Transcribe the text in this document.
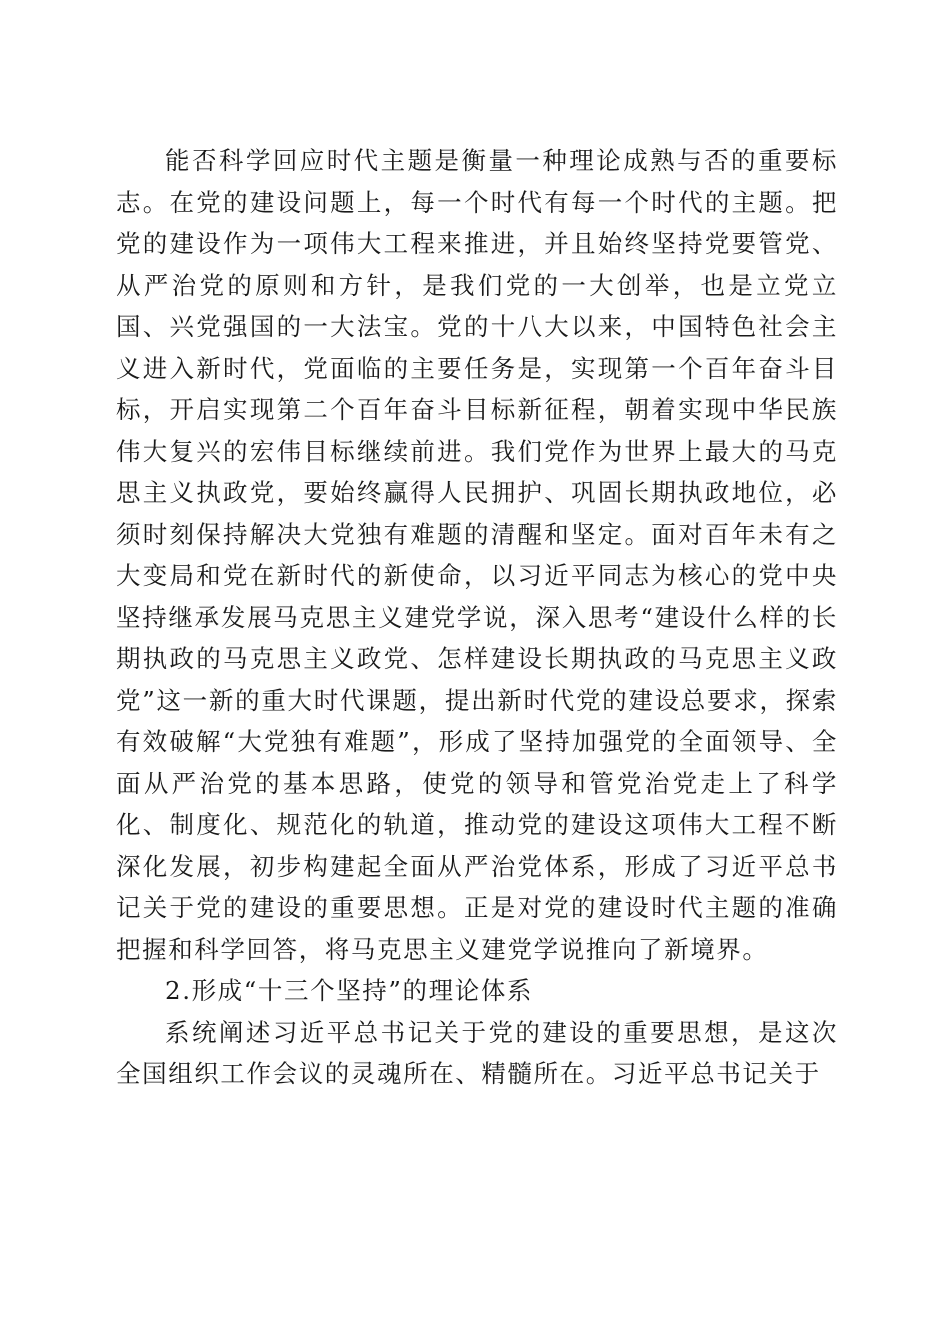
能否科学回应时代主题是衡量一种理论成熟与否的重要标志。在党的建设问题上，每一个时代有每一个时代的主题。把党的建设作为一项伟大工程来推进，并且始终坚持党要管党、从严治党的原则和方针，是我们党的一大创举，也是立党立国、兴党强国的一大法宝。党的十八大以来，中国特色社会主义进入新时代，党面临的主要任务是，实现第一个百年奋斗目标，开启实现第二个百年奋斗目标新征程，朝着实现中华民族伟大复兴的宏伟目标继续前进。我们党作为世界上最大的马克思主义执政党，要始终赢得人民拥护、巩固长期执政地位，必须时刻保持解决大党独有难题的清醒和坚定。面对百年未有之大变局和党在新时代的新使命，以习近平同志为核心的党中央坚持继承发展马克思主义建党学说，深入思考“建设什么样的长期执政的马克思主义政党、怎样建设长期执政的马克思主义政党”这一新的重大时代课题，提出新时代党的建设总要求，探索有效破解“大党独有难题”，形成了坚持加强党的全面领导、全面从严治党的基本思路，使党的领导和管党治党走上了科学化、制度化、规范化的轨道，推动党的建设这项伟大工程不断深化发展，初步构建起全面从严治党体系，形成了习近平总书记关于党的建设的重要思想。正是对党的建设时代主题的准确把握和科学回答，将马克思主义建党学说推向了新境界。

2.形成“十三个坚持”的理论体系

系统阐述习近平总书记关于党的建设的重要思想，是这次全国组织工作会议的灵魂所在、精髓所在。习近平总书记关于
